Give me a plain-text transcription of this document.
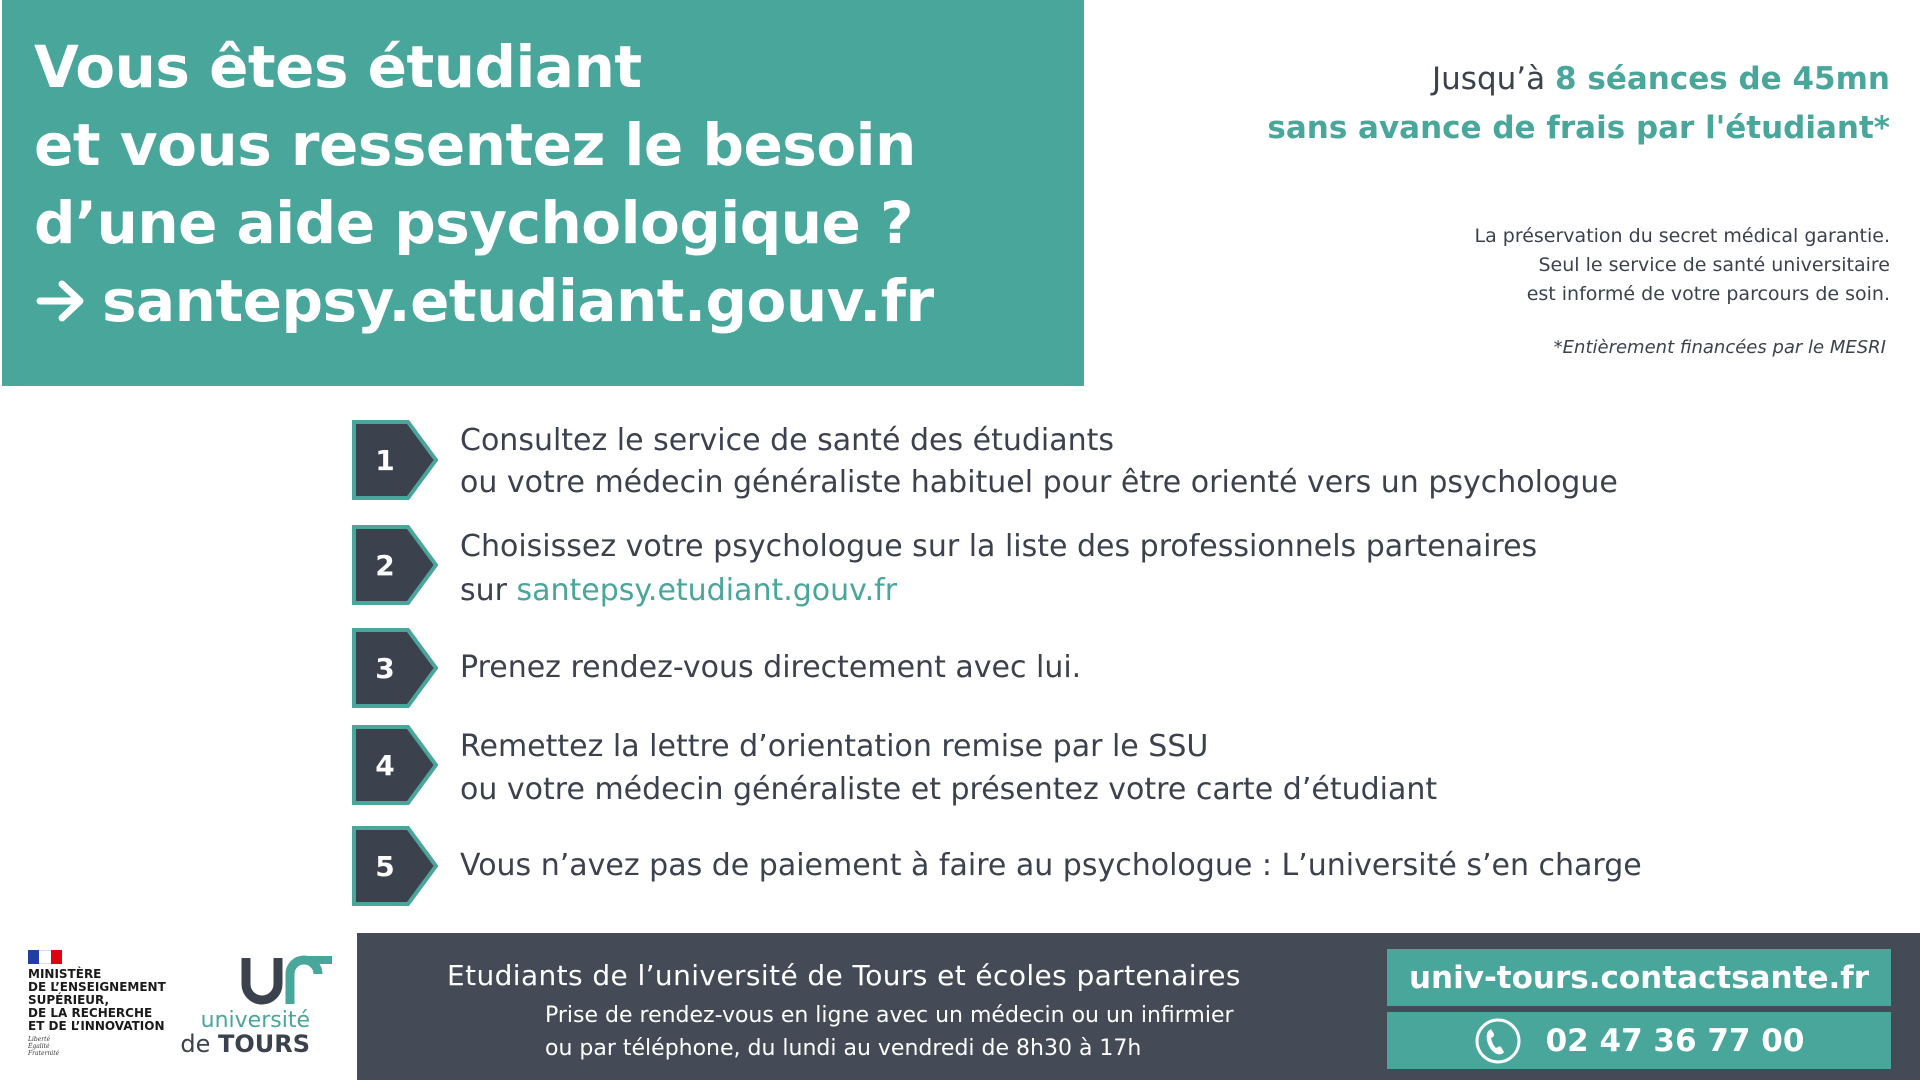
Vous êtes étudiant
et vous ressentez le besoin
d’une aide psychologique ?
santepsy.etudiant.gouv.fr
Jusqu’à 8 séances de 45mn
sans avance de frais par l'étudiant*
La préservation du secret médical garantie.
Seul le service de santé universitaire
est informé de votre parcours de soin.
*Entièrement financées par le MESRI
1
Consultez le service de santé des étudiants
ou votre médecin généraliste habituel pour être orienté vers un psychologue
2
Choisissez votre psychologue sur la liste des professionnels partenaires
sur santepsy.etudiant.gouv.fr
3	Prenez rendez-vous directement avec lui.
4
Remettez la lettre d’orientation remise par le SSU
ou votre médecin généraliste et présentez votre carte d’étudiant
5	Vous n’avez pas de paiement à faire au psychologue : L’université s’en charge
MINISTÈRE
DE L’ENSEIGNEMENT
SUPÉRIEUR,
DE LA RECHERCHE
ET DE L’INNOVATION
Liberté
Égalité
Fraternité
université
de TOURS
Etudiants de l’université de Tours et écoles partenaires
Prise de rendez-vous en ligne avec un médecin ou un infirmier
ou par téléphone, du lundi au vendredi de 8h30 à 17h
univ-tours.contactsante.fr
02 47 36 77 00
